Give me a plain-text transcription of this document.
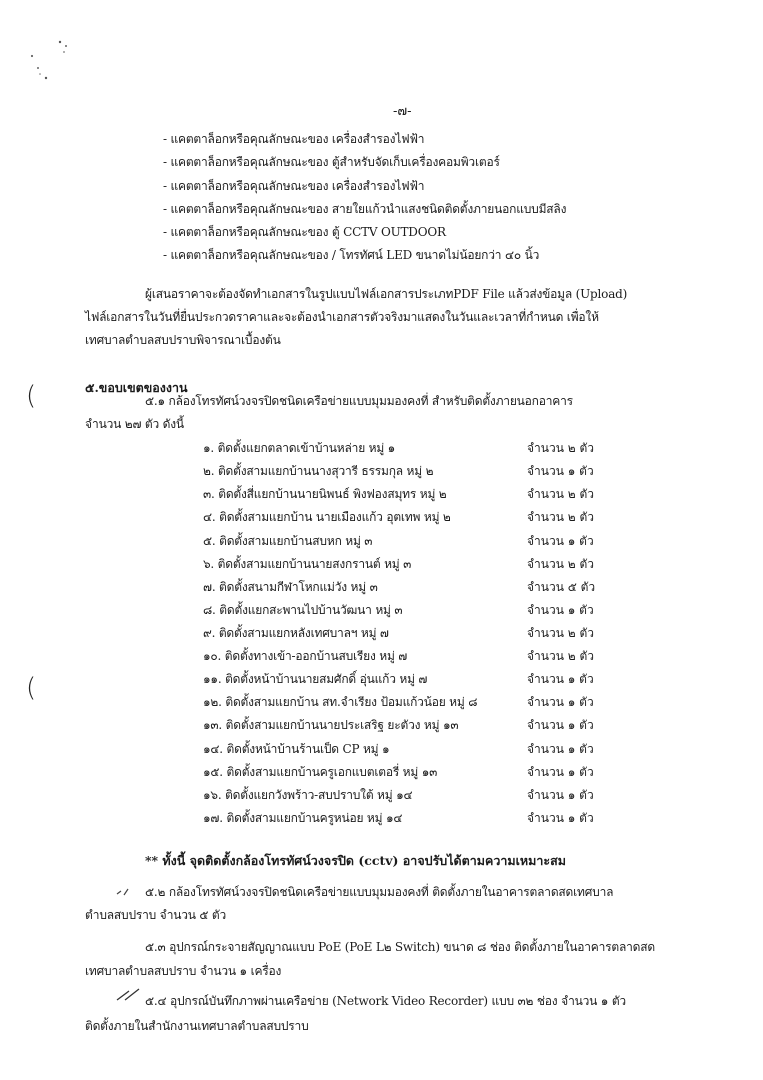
-๗-
- แคตตาล็อกหรือคุณลักษณะของ เครื่องสำรองไฟฟ้า
- แคตตาล็อกหรือคุณลักษณะของ ตู้สำหรับจัดเก็บเครื่องคอมพิวเตอร์
- แคตตาล็อกหรือคุณลักษณะของ เครื่องสำรองไฟฟ้า
- แคตตาล็อกหรือคุณลักษณะของ สายใยแก้วนำแสงชนิดติดตั้งภายนอกแบบมีสลิง
- แคตตาล็อกหรือคุณลักษณะของ ตู้ CCTV OUTDOOR
- แคตตาล็อกหรือคุณลักษณะของ / โทรทัศน์ LED ขนาดไม่น้อยกว่า ๔๐ นิ้ว
ผู้เสนอราคาจะต้องจัดทำเอกสารในรูปแบบไฟล์เอกสารประเภทPDF File แล้วส่งข้อมูล (Upload)
ไฟล์เอกสารในวันที่ยื่นประกวดราคาและจะต้องนำเอกสารตัวจริงมาแสดงในวันและเวลาที่กำหนด เพื่อให้
เทศบาลตำบลสบปราบพิจารณาเบื้องต้น
๕.ขอบเขตของงาน
(
(
๕.๑ กล้องโทรทัศน์วงจรปิดชนิดเครือข่ายแบบมุมมองคงที่ สำหรับติดตั้งภายนอกอาคาร
จำนวน ๒๗ ตัว ดังนี้
๑. ติดตั้งแยกตลาดเข้าบ้านหล่าย หมู่ ๑	จำนวน ๒ ตัว
๒. ติดตั้งสามแยกบ้านนางสุวารี ธรรมกุล หมู่ ๒	จำนวน ๑ ตัว
๓. ติดตั้งสี่แยกบ้านนายนิพนธ์ พิงฟองสมุทร หมู่ ๒	จำนวน ๒ ตัว
๔. ติดตั้งสามแยกบ้าน นายเมืองแก้ว อุตเทพ หมู่ ๒	จำนวน ๒ ตัว
๕. ติดตั้งสามแยกบ้านสบหก หมู่ ๓	จำนวน ๑ ตัว
๖. ติดตั้งสามแยกบ้านนายสงกรานต์ หมู่ ๓	จำนวน ๒ ตัว
๗. ติดตั้งสนามกีฬาโหกแม่วัง หมู่ ๓	จำนวน ๕ ตัว
๘. ติดตั้งแยกสะพานไปบ้านวัฒนา หมู่ ๓	จำนวน ๑ ตัว
๙. ติดตั้งสามแยกหลังเทศบาลฯ หมู่ ๗	จำนวน ๒ ตัว
๑๐. ติดตั้งทางเข้า-ออกบ้านสบเรียง หมู่ ๗	จำนวน ๒ ตัว
๑๑. ติดตั้งหน้าบ้านนายสมศักดิ์ อุ่นแก้ว หมู่ ๗	จำนวน ๑ ตัว
๑๒. ติดตั้งสามแยกบ้าน สท.จำเรียง ป้อมแก้วน้อย หมู่ ๘	จำนวน ๑ ตัว
๑๓. ติดตั้งสามแยกบ้านนายประเสริฐ ยะตัวง หมู่ ๑๓	จำนวน ๑ ตัว
๑๔. ติดตั้งหน้าบ้านร้านเป็ด CP หมู่ ๑	จำนวน ๑ ตัว
๑๕. ติดตั้งสามแยกบ้านครูเอกแบตเตอรี่ หมู่ ๑๓	จำนวน ๑ ตัว
๑๖. ติดตั้งแยกวังพร้าว-สบปราบใต้ หมู่ ๑๔	จำนวน ๑ ตัว
๑๗. ติดตั้งสามแยกบ้านครูหน่อย หมู่ ๑๔	จำนวน ๑ ตัว
** ทั้งนี้ จุดติดตั้งกล้องโทรทัศน์วงจรปิด (cctv) อาจปรับได้ตามความเหมาะสม
๕.๒ กล้องโทรทัศน์วงจรปิดชนิดเครือข่ายแบบมุมมองคงที่ ติดตั้งภายในอาคารตลาดสดเทศบาล
ตำบลสบปราบ จำนวน ๕ ตัว
๕.๓ อุปกรณ์กระจายสัญญาณแบบ PoE (PoE L๒ Switch) ขนาด ๘ ช่อง ติดตั้งภายในอาคารตลาดสด
เทศบาลตำบลสบปราบ จำนวน ๑ เครื่อง
๕.๔ อุปกรณ์บันทึกภาพผ่านเครือข่าย (Network Video Recorder) แบบ ๓๒ ช่อง จำนวน ๑ ตัว
ติดตั้งภายในสำนักงานเทศบาลตำบลสบปราบ
